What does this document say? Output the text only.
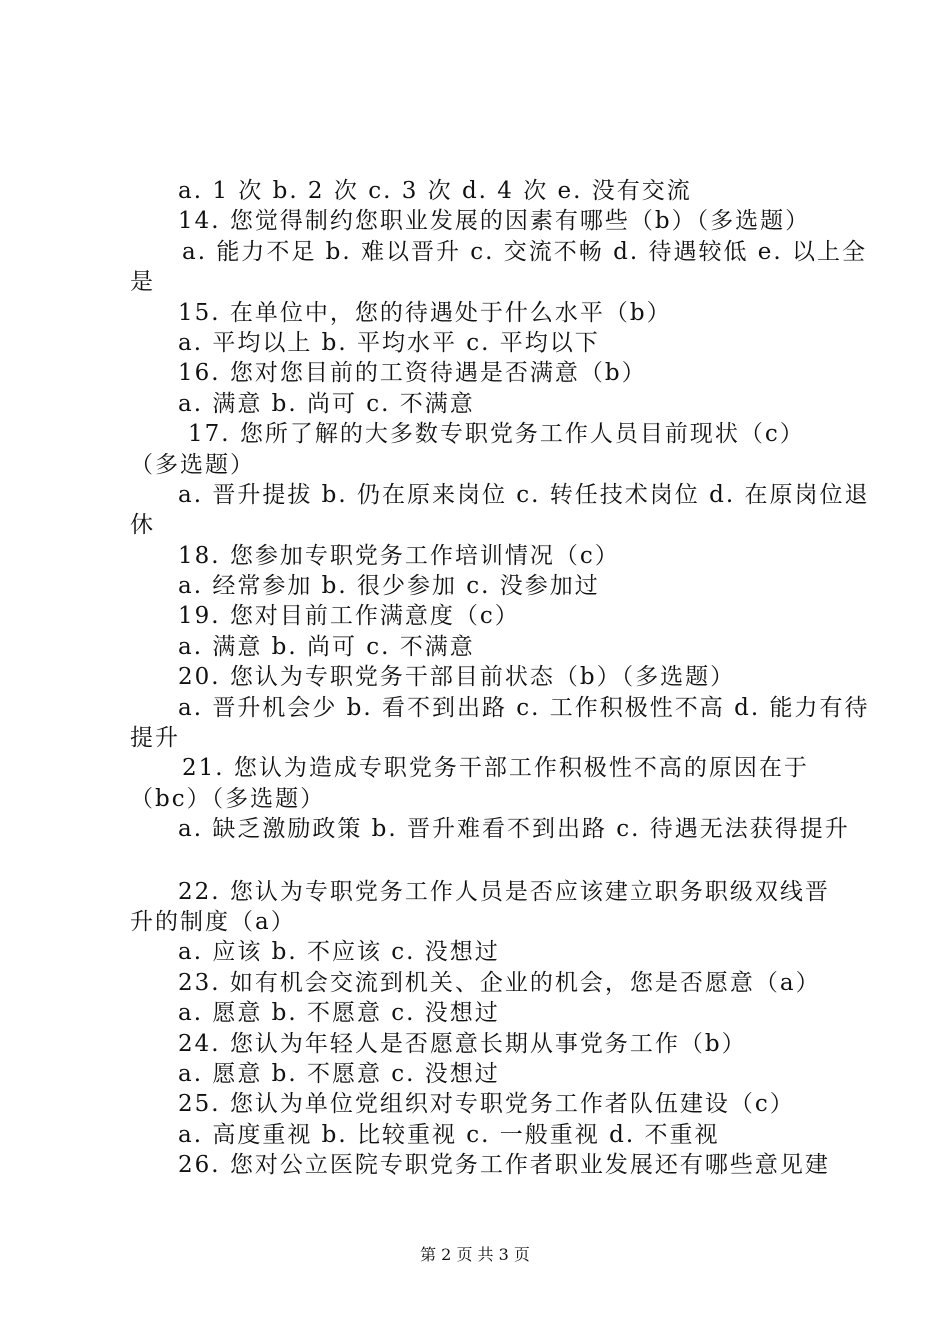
a. 1 次 b. 2 次 c. 3 次 d. 4 次 e. 没有交流
14. 您觉得制约您职业发展的因素有哪些（b）（多选题）
a. 能力不足 b. 难以晋升 c. 交流不畅 d. 待遇较低 e. 以上全
是
15. 在单位中，您的待遇处于什么水平（b）
a. 平均以上 b. 平均水平 c. 平均以下
16. 您对您目前的工资待遇是否满意（b）
a. 满意 b. 尚可 c. 不满意
17. 您所了解的大多数专职党务工作人员目前现状（c）
（多选题）
a. 晋升提拔 b. 仍在原来岗位 c. 转任技术岗位 d. 在原岗位退
休
18. 您参加专职党务工作培训情况（c）
a. 经常参加 b. 很少参加 c. 没参加过
19. 您对目前工作满意度（c）
a. 满意 b. 尚可 c. 不满意
20. 您认为专职党务干部目前状态（b）（多选题）
a. 晋升机会少 b. 看不到出路 c. 工作积极性不高 d. 能力有待
提升
21. 您认为造成专职党务干部工作积极性不高的原因在于
（bc）（多选题）
a. 缺乏激励政策 b. 晋升难看不到出路 c. 待遇无法获得提升
22. 您认为专职党务工作人员是否应该建立职务职级双线晋
升的制度（a）
a. 应该 b. 不应该 c. 没想过
23. 如有机会交流到机关、企业的机会，您是否愿意（a）
a. 愿意 b. 不愿意 c. 没想过
24. 您认为年轻人是否愿意长期从事党务工作（b）
a. 愿意 b. 不愿意 c. 没想过
25. 您认为单位党组织对专职党务工作者队伍建设（c）
a. 高度重视 b. 比较重视 c. 一般重视 d. 不重视
26. 您对公立医院专职党务工作者职业发展还有哪些意见建
第 2 页 共 3 页
